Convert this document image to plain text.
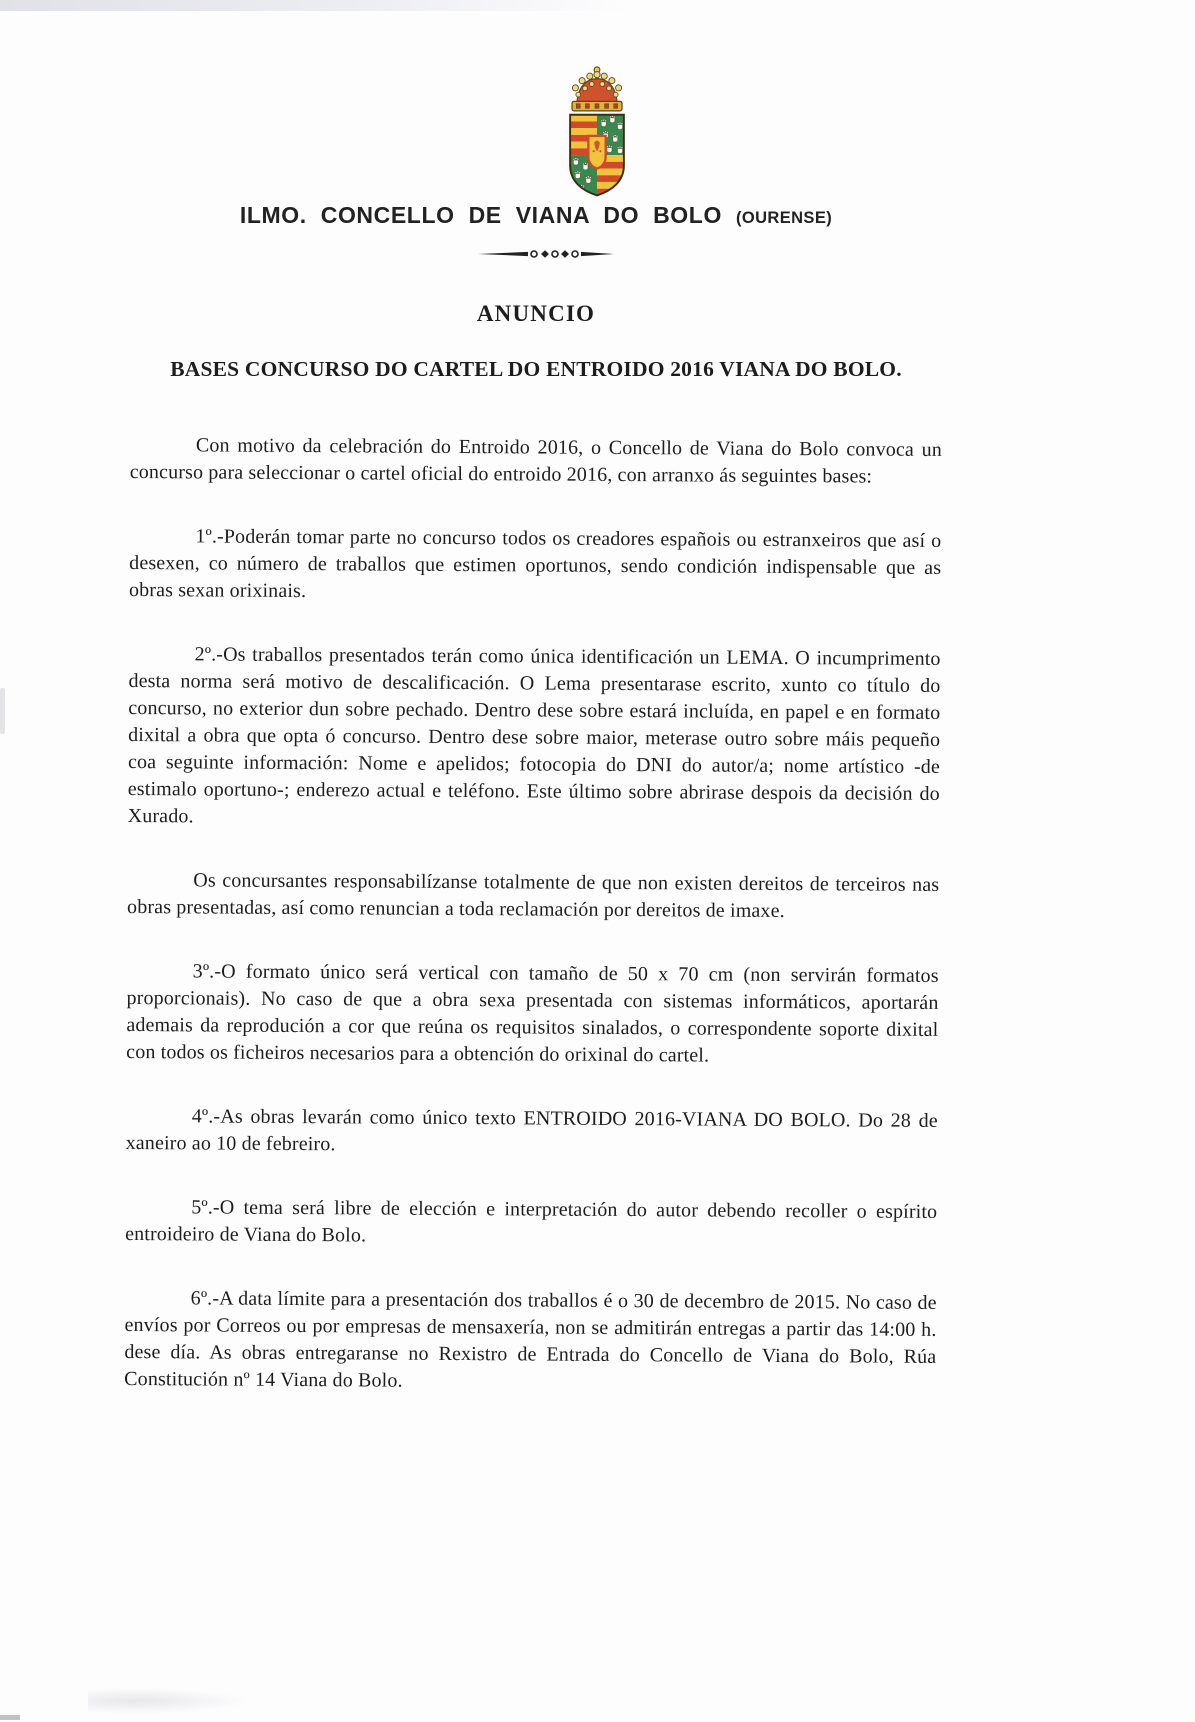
ILMO. CONCELLO DE VIANA DO BOLO (OURENSE)
ANUNCIO
BASES CONCURSO DO CARTEL DO ENTROIDO 2016 VIANA DO BOLO.

Con motivo da celebración do Entroido 2016, o Concello de Viana do Bolo convoca un concurso para seleccionar o cartel oficial do entroido 2016, con arranxo ás seguintes bases:

1º.-Poderán tomar parte no concurso todos os creadores españois ou estranxeiros que así o desexen, co número de traballos que estimen oportunos, sendo condición indispensable que as obras sexan orixinais.

2º.-Os traballos presentados terán como única identificación un LEMA. O incumprimento desta norma será motivo de descalificación. O Lema presentarase escrito, xunto co título do concurso, no exterior dun sobre pechado. Dentro dese sobre estará incluída, en papel e en formato dixital a obra que opta ó concurso. Dentro dese sobre maior, meterase outro sobre máis pequeño coa seguinte información: Nome e apelidos; fotocopia do DNI do autor/a; nome artístico -de estimalo oportuno-; enderezo actual e teléfono. Este último sobre abrirase despois da decisión do Xurado.

Os concursantes responsabilízanse totalmente de que non existen dereitos de terceiros nas obras presentadas, así como renuncian a toda reclamación por dereitos de imaxe.

3º.-O formato único será vertical con tamaño de 50 x 70 cm (non servirán formatos proporcionais). No caso de que a obra sexa presentada con sistemas informáticos, aportarán ademais da reprodución a cor que reúna os requisitos sinalados, o correspondente soporte dixital con todos os ficheiros necesarios para a obtención do orixinal do cartel.

4º.-As obras levarán como único texto ENTROIDO 2016-VIANA DO BOLO. Do 28 de xaneiro ao 10 de febreiro.

5º.-O tema será libre de elección e interpretación do autor debendo recoller o espírito entroideiro de Viana do Bolo.

6º.-A data límite para a presentación dos traballos é o 30 de decembro de 2015. No caso de envíos por Correos ou por empresas de mensaxería, non se admitirán entregas a partir das 14:00 h. dese día. As obras entregaranse no Rexistro de Entrada do Concello de Viana do Bolo, Rúa Constitución nº 14 Viana do Bolo.
